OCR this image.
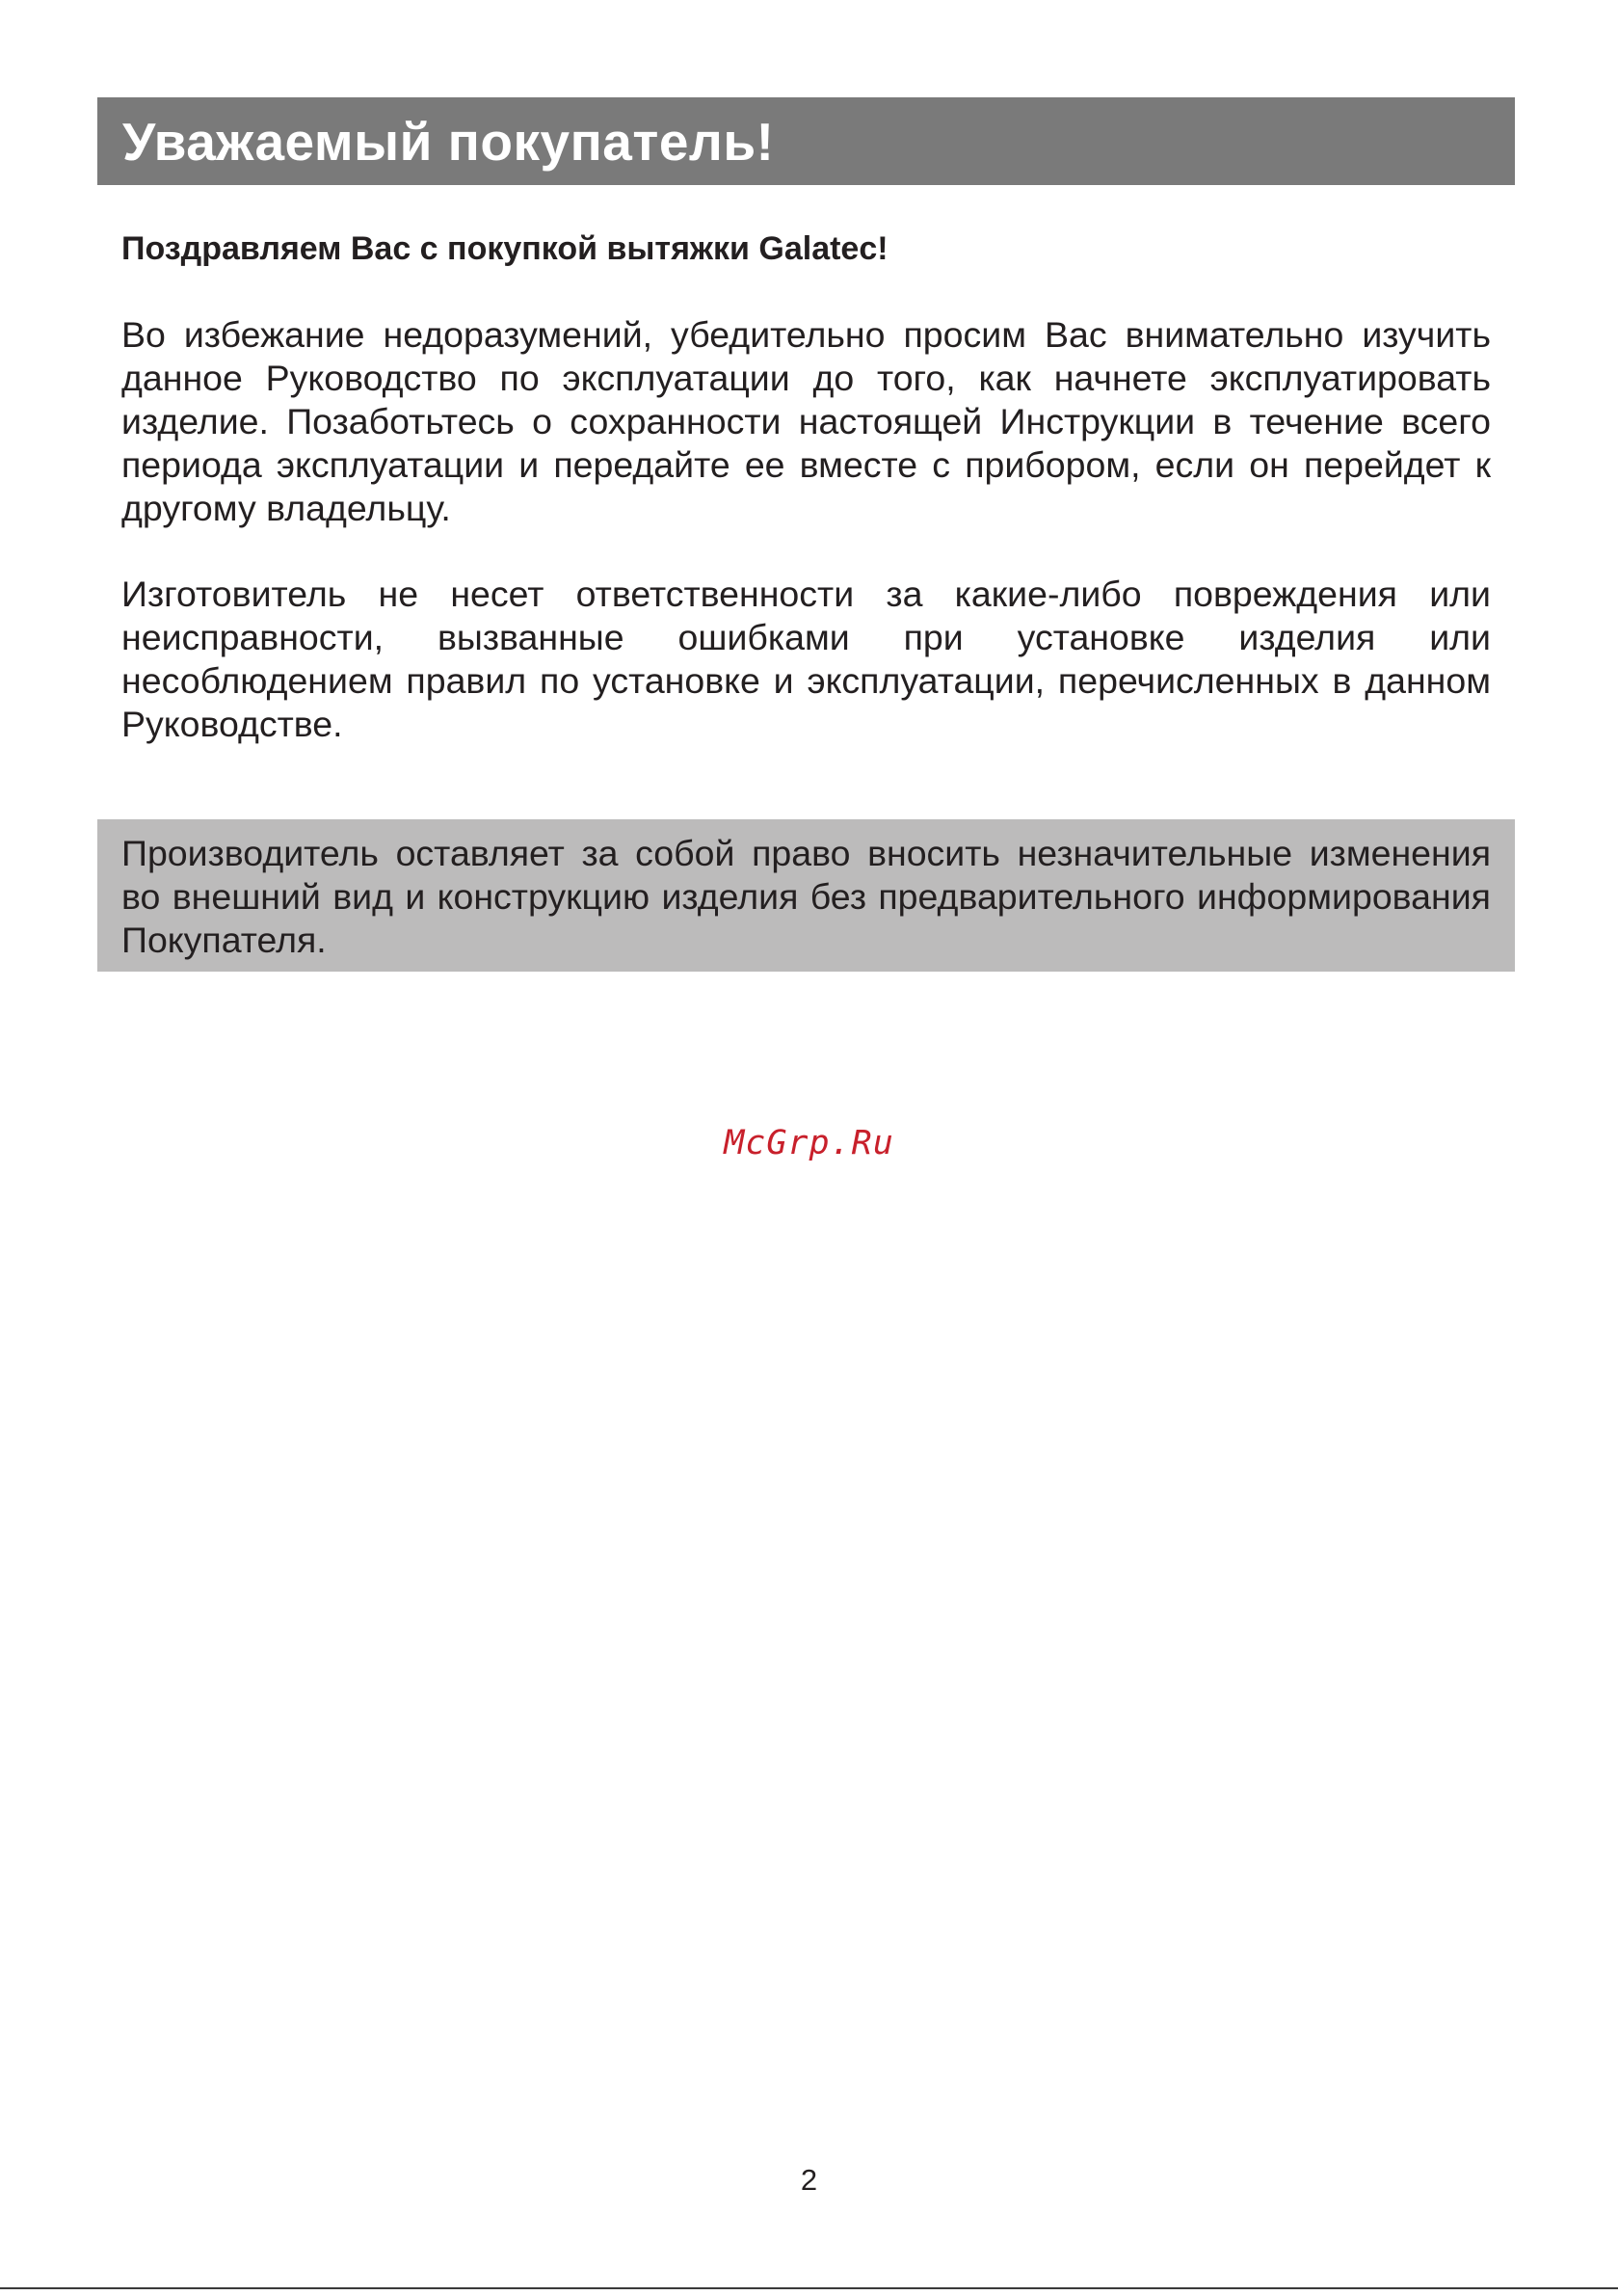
Уважаемый покупатель!
Поздравляем Вас с покупкой вытяжки Galatec!
Во избежание недоразумений, убедительно просим Вас внимательно изучить данное Руководство по эксплуатации до того, как начнете эксплуатировать изделие. Позаботьтесь о сохранности настоящей Инструкции в течение всего периода эксплуатации и передайте ее вместе с прибором, если он перейдет к другому владельцу.
Изготовитель не несет ответственности за какие-либо повреждения или неисправности, вызванные ошибками при установке изделия или несоблюдением правил по установке и эксплуатации, перечисленных в данном Руководстве.
Производитель оставляет за собой право вносить незначительные изменения во внешний вид и конструкцию изделия без предварительного информирования Покупателя.
McGrp.Ru
2
